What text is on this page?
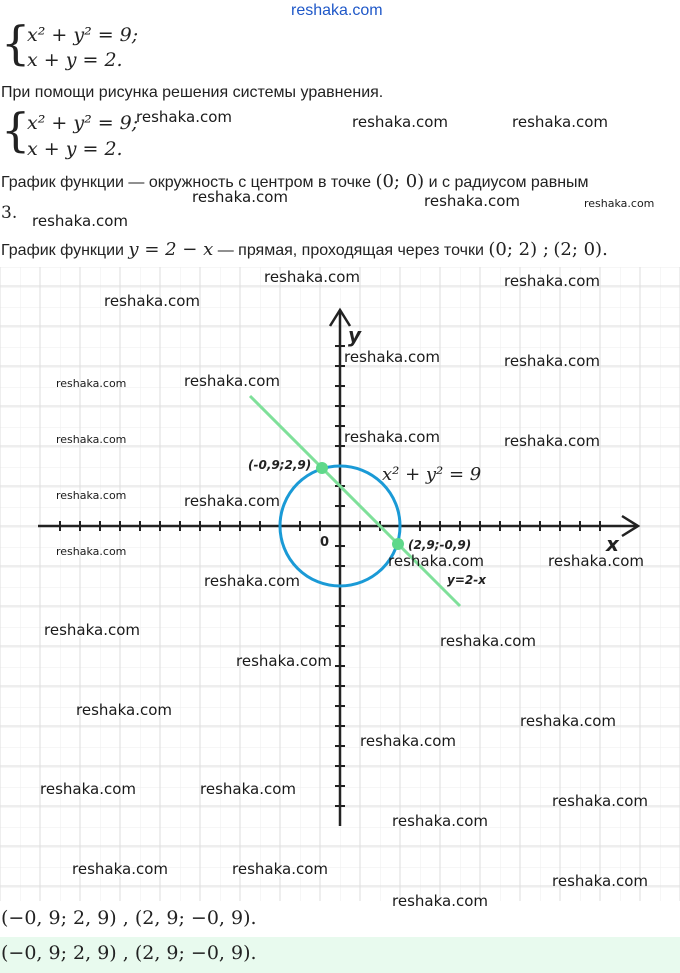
reshaka.com
{
x² + y² = 9;
x + y = 2.
При помощи рисунка решения системы уравнения.
{
x² + y² = 9;
x + y = 2.
График функции — окружность с центром в точке (0; 0) и с радиусом равным
3.
График функции y = 2 − x — прямая, проходящая через точки (0; 2) ; (2; 0).
y
x
0
x² + y² = 9
(-0,9;2,9)
(2,9;-0,9)
y=2-x
reshaka.com	reshaka.com	reshaka.com
reshaka.com	reshaka.com	reshaka.com
reshaka.com
reshaka.com	reshaka.com
reshaka.com
reshaka.com	reshaka.com
reshaka.com	reshaka.com
reshaka.com	reshaka.com	reshaka.com
reshaka.com	reshaka.com
reshaka.com
reshaka.com	reshaka.com
reshaka.com
reshaka.com
reshaka.com
reshaka.com
reshaka.com
reshaka.com
reshaka.com
reshaka.com	reshaka.com
reshaka.com
reshaka.com
reshaka.com	reshaka.com
reshaka.com
reshaka.com
(−0, 9; 2, 9) , (2, 9; −0, 9).
(−0, 9; 2, 9) , (2, 9; −0, 9).
